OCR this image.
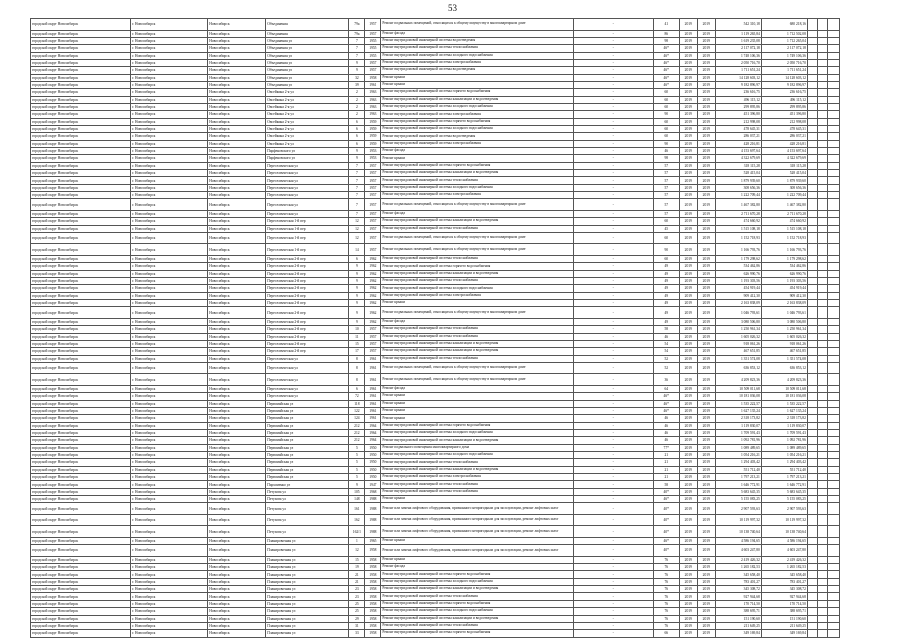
53
городской округ Новосибирск	г. Новосибирск	Новосибирск	Объединения	79а	1957	Ремонт подвальных помещений, относящихся к общему имуществу в многоквартирном доме	-	41	2019	2019	542 310,18	680 218,16			
городской округ Новосибирск	г. Новосибирск	Новосибирск	Объединения	79а	1957	Ремонт фасада	-	86	2019	2019	1 119 265,84	1 712 502,08			
городской округ Новосибирск	г. Новосибирск	Новосибирск	Объединения ул	7	1955	Ремонт внутридомовой инженерной системы водоотведения	-	98	2019	2019	1 619 235,08	1 712 265,04			
городской округ Новосибирск	г. Новосибирск	Новосибирск	Объединения ул	7	1955	Ремонт внутридомовой инженерной системы теплоснабжения	-	46*	2019	2019	2 117 072,18	2 117 072,18			
городской округ Новосибирск	г. Новосибирск	Новосибирск	Объединения ул	7	1955	Ремонт внутридомовой инженерной системы холодного водоснабжения	-	46*	2019	2019	1 748 106,36	1 749 106,36			
городской округ Новосибирск	г. Новосибирск	Новосибирск	Объединения ул	9	1957	Ремонт внутридомовой инженерной системы электроснабжения	-	46*	2019	2019	2 050 716,70	2 050 716,70			
городской округ Новосибирск	г. Новосибирск	Новосибирск	Объединения ул	9	1957	Ремонт внутридомовой инженерной системы водоотведения	-	46*	2019	2019	1 711 651,24	1 711 651,24			
городской округ Новосибирск	г. Новосибирск	Новосибирск	Объединения ул	32	1958	Ремонт крыши	-	46*	2019	2019	14 128 603,12	14 128 603,12			
городской округ Новосибирск	г. Новосибирск	Новосибирск	Объединения ул	39	1961	Ремонт крыши	-	46*	2019	2019	9 182 896,97	9 182 896,97			
городской округ Новосибирск	г. Новосибирск	Новосибирск	Овсейкина 2-я ул	2	1963	Ремонт внутридомовой инженерной системы горячего водоснабжения	-	60	2019	2019	236 616,75	236 616,75			
городской округ Новосибирск	г. Новосибирск	Новосибирск	Овсейкина 2-я ул	2	1963	Ремонт внутридомовой инженерной системы канализации и водоотведения	-	60	2019	2019	496 115,12	496 115,12			
городской округ Новосибирск	г. Новосибирск	Новосибирск	Овсейкина 2-я ул	2	1963	Ремонт внутридомовой инженерной системы холодного водоснабжения	-	60	2019	2019	299 895,86	299 895,86			
городской округ Новосибирск	г. Новосибирск	Новосибирск	Овсейкина 2-я ул	2	1963	Ремонт внутридомовой инженерной системы электроснабжения	-	90	2019	2019	451 396,80	451 396,80			
городской округ Новосибирск	г. Новосибирск	Новосибирск	Овсейкина 2-я ул	6	1959	Ремонт внутридомовой инженерной системы горячего водоснабжения	-	60	2019	2019	212 998,08	212 998,08			
городской округ Новосибирск	г. Новосибирск	Новосибирск	Овсейкина 2-я ул	6	1959	Ремонт внутридомовой инженерной системы холодного водоснабжения	-	60	2019	2019	478 645,31	478 645,31			
городской округ Новосибирск	г. Новосибирск	Новосибирск	Овсейкина 2-я ул	6	1959	Ремонт внутридомовой инженерной системы водоотведения	-	60	2019	2019	286 037,21	286 037,21			
городской округ Новосибирск	г. Новосибирск	Новосибирск	Овсейкина 2-я ул	6	1959	Ремонт внутридомовой инженерной системы электроснабжения	-	90	2019	2019	428 216,81	428 216,81			
городской округ Новосибирск	г. Новосибирск	Новосибирск	Парфеновского ул	9	1953	Ремонт фасада	-	46	2019	2019	4 153 697,64	4 153 697,64			
городской округ Новосибирск	г. Новосибирск	Новосибирск	Парфеновского ул	9	1953	Ремонт крыши	-	98	2019	2019	4 322 679,69	4 322 679,69			
городской округ Новосибирск	г. Новосибирск	Новосибирск	Переселенческая ул	7	1957	Ремонт внутридомовой инженерной системы горячего водоснабжения	-	57	2019	2019	318 115,28	318 115,28			
городской округ Новосибирск	г. Новосибирск	Новосибирск	Переселенческая ул	7	1957	Ремонт внутридомовой инженерной системы канализации и водоотведения	-	57	2019	2019	528 415,04	528 415,04			
городской округ Новосибирск	г. Новосибирск	Новосибирск	Переселенческая ул	7	1957	Ремонт внутридомовой инженерной системы теплоснабжения	-	57	2019	2019	1 879 939,60	1 879 939,60			
городской округ Новосибирск	г. Новосибирск	Новосибирск	Переселенческая ул	7	1957	Ремонт внутридомовой инженерной системы холодного водоснабжения	-	57	2019	2019	308 656,36	308 656,36			
городской округ Новосибирск	г. Новосибирск	Новосибирск	Переселенческая ул	7	1957	Ремонт внутридомовой инженерной системы электроснабжения	-	57	2019	2019	1 222 709,44	1 222 709,44			
городской округ Новосибирск	г. Новосибирск	Новосибирск	Переселенческая ул	7	1957	Ремонт подвальных помещений, относящихся к общему имуществу в многоквартирном доме	-	57	2019	2019	1 467 382,80	1 467 382,80			
городской округ Новосибирск	г. Новосибирск	Новосибирск	Переселенческая ул	7	1957	Ремонт фасада	-	57	2019	2019	2 711 670,28	2 711 670,28			
городской округ Новосибирск	г. Новосибирск	Новосибирск	Переселенческая 1-й пер	12	1957	Ремонт внутридомовой инженерной системы канализации и водоотведения	-	60	2019	2019	474 660,92	474 660,92			
городской округ Новосибирск	г. Новосибирск	Новосибирск	Переселенческая 1-й пер	12	1957	Ремонт внутридомовой инженерной системы теплоснабжения	-	45	2019	2019	1 515 108,18	1 515 108,18			
городской округ Новосибирск	г. Новосибирск	Новосибирск	Переселенческая 1-й пер	12	1957	Ремонт подвальных помещений, относящихся к общему имуществу в многоквартирном доме	-	60	2019	2019	1 152 718,93	1 152 718,93			
городской округ Новосибирск	г. Новосибирск	Новосибирск	Переселенческая 1-й пер	14	1957	Ремонт подвальных помещений, относящихся к общему имуществу в многоквартирном доме	-	90	2019	2019	1 166 793,76	1 166 793,76			
городской округ Новосибирск	г. Новосибирск	Новосибирск	Переселенческая 2-й пер	6	1962	Ремонт внутридомовой инженерной системы теплоснабжения	-	60	2019	2019	1 179 298,62	1 179 298,62			
городской округ Новосибирск	г. Новосибирск	Новосибирск	Переселенческая 2-й пер	9	1962	Ремонт внутридомовой инженерной системы горячего водоснабжения	-	49	2019	2019	534 462,86	534 462,86			
городской округ Новосибирск	г. Новосибирск	Новосибирск	Переселенческая 2-й пер	9	1962	Ремонт внутридомовой инженерной системы канализации и водоотведения	-	49	2019	2019	626 990,76	626 990,76			
городской округ Новосибирск	г. Новосибирск	Новосибирск	Переселенческая 2-й пер	9	1962	Ремонт внутридомовой инженерной системы теплоснабжения	-	49	2019	2019	1 193 303,56	1 193 303,56			
городской округ Новосибирск	г. Новосибирск	Новосибирск	Переселенческая 2-й пер	9	1962	Ремонт внутридомовой инженерной системы холодного водоснабжения	-	49	2019	2019	454 919,44	454 919,44			
городской округ Новосибирск	г. Новосибирск	Новосибирск	Переселенческая 2-й пер	9	1962	Ремонт внутридомовой инженерной системы электроснабжения	-	49	2019	2019	909 412,30	909 412,30			
городской округ Новосибирск	г. Новосибирск	Новосибирск	Переселенческая 2-й пер	9	1962	Ремонт крыши	-	49	2019	2019	2 163 838,09	2 163 838,09			
городской округ Новосибирск	г. Новосибирск	Новосибирск	Переселенческая 2-й пер	9	1962	Ремонт подвальных помещений, относящихся к общему имуществу в многоквартирном доме	-	49	2019	2019	1 046 793,61	1 046 793,61			
городской округ Новосибирск	г. Новосибирск	Новосибирск	Переселенческая 2-й пер	9	1962	Ремонт фасада	-	49	2019	2019	3 080 506,80	3 080 506,80			
городской округ Новосибирск	г. Новосибирск	Новосибирск	Переселенческая 2-й пер	10	1957	Ремонт внутридомовой инженерной системы теплоснабжения	-	58	2019	2019	1 250 961,34	1 250 961,34			
городской округ Новосибирск	г. Новосибирск	Новосибирск	Переселенческая 2-й пер	11	1957	Ремонт внутридомовой инженерной системы теплоснабжения	-	46	2019	2019	1 605 026,32	1 605 026,32			
городской округ Новосибирск	г. Новосибирск	Новосибирск	Переселенческая 2-й пер	15	1957	Ремонт внутридомовой инженерной системы канализации и водоотведения	-	54	2019	2019	918 061,26	918 061,26			
городской округ Новосибирск	г. Новосибирск	Новосибирск	Переселенческая 2-й пер	17	1957	Ремонт внутридомовой инженерной системы канализации и водоотведения	-	54	2019	2019	467 651,85	467 651,85			
городской округ Новосибирск	г. Новосибирск	Новосибирск	Переселенческая ул	8	1961	Ремонт внутридомовой инженерной системы теплоснабжения	-	52	2019	2019	1 351 574,08	1 351 574,08			
городской округ Новосибирск	г. Новосибирск	Новосибирск	Переселенческая ул	8	1961	Ремонт подвальных помещений, относящихся к общему имуществу в многоквартирном доме	-	52	2019	2019	636 853,12	636 853,12			
городской округ Новосибирск	г. Новосибирск	Новосибирск	Переселенческая ул	8	1961	Ремонт подвальных помещений, относящихся к общему имуществу в многоквартирном доме	-	36	2019	2019	4 209 823,36	4 209 823,36			
городской округ Новосибирск	г. Новосибирск	Новосибирск	Переселенческая ул	6	1961	Ремонт фасада	-	64	2019	2019	10 509 011,68	10 509 011,68			
городской округ Новосибирск	г. Новосибирск	Новосибирск	Переселенческая ул	72	1961	Ремонт крыши	-	46*	2019	2019	10 181 036,08	10 181 036,08			
городской округ Новосибирск	г. Новосибирск	Новосибирск	Первомайская ул	118	1961	Ремонт крыши	-	46*	2019	2019	1 535 222,57	1 535 222,57			
городской округ Новосибирск	г. Новосибирск	Новосибирск	Первомайская ул	122	1961	Ремонт крыши	-	46*	2019	2019	1 627 135,24	1 627 135,24			
городской округ Новосибирск	г. Новосибирск	Новосибирск	Первомайская ул	124	1961	Ремонт крыши	-	46	2019	2019	2 318 173,82	2 318 173,82			
городской округ Новосибирск	г. Новосибирск	Новосибирск	Первомайская ул	212	1964	Ремонт внутридомовой инженерной системы горячего водоснабжения	-	46	2019	2019	1 119 830,07	1 119 830,07			
городской округ Новосибирск	г. Новосибирск	Новосибирск	Первомайская ул	212	1964	Ремонт внутридомовой инженерной системы холодного водоснабжения	-	46	2019	2019	1 709 591,43	1 709 591,43			
городской округ Новосибирск	г. Новосибирск	Новосибирск	Первомайская ул	212	1964	Ремонт внутридомовой инженерной системы канализации и водоотведения	-	46	2019	2019	1 092 781,96	1 092 781,96			
городской округ Новосибирск	г. Новосибирск	Новосибирск	Первомайская ул	5	1950	Ремонт подвального помещения многоквартирного дома	-	77*	2019	2019	1 089 489,65	1 089 489,65			
городской округ Новосибирск	г. Новосибирск	Новосибирск	Первомайская ул	5	1950	Ремонт внутридомовой инженерной системы холодного водоснабжения	-	21	2019	2019	1 054 216,21	1 054 216,21			
городской округ Новосибирск	г. Новосибирск	Новосибирск	Первомайская ул	5	1950	Ремонт внутридомовой инженерной системы теплоснабжения	-	21	2019	2019	1 294 403,42	1 294 403,42			
городской округ Новосибирск	г. Новосибирск	Новосибирск	Первомайская ул	5	1950	Ремонт внутридомовой инженерной системы канализации и водоотведения	-	21	2019	2019	551 712,40	551 712,40			
городской округ Новосибирск	г. Новосибирск	Новосибирск	Первомайская ул	5	1950	Ремонт внутридомовой инженерной системы электроснабжения	-	21	2019	2019	1 797 213,21	1 797 213,21			
городской округ Новосибирск	г. Новосибирск	Новосибирск	Пархоменко ул	9	1947	Ремонт внутридомовой инженерной системы теплоснабжения	-	58	2019	2019	1 646 772,91	1 646 772,91			
городской округ Новосибирск	г. Новосибирск	Новосибирск	Петухова ул	105	1968	Ремонт внутридомовой инженерной системы теплоснабжения	-	40*	2019	2019	5 683 645,35	5 683 645,35			
городской округ Новосибирск	г. Новосибирск	Новосибирск	Петухова ул	148	1988	Ремонт крыши	-	46*	2019	2019	5 155 083,25	5 155 083,25			
городской округ Новосибирск	г. Новосибирск	Новосибирск	Петухова ул	161	1988	Ремонт или замена лифтового оборудования, признанного непригодным для эксплуатации, ремонт лифтовых шахт	-	40*	2019	2019	2 907 593,63	2 907 593,63			
городской округ Новосибирск	г. Новосибирск	Новосибирск	Петухова ул	162	1988	Ремонт или замена лифтового оборудования, признанного непригодным для эксплуатации, ремонт лифтовых шахт	-	40*	2019	2019	10 119 997,32	10 119 997,32			
городской округ Новосибирск	г. Новосибирск	Новосибирск	Петухова ул	162/1	1988	Ремонт или замена лифтового оборудования, признанного непригодным для эксплуатации, ремонт лифтовых шахт	-	40*	2019	2019	10 138 740,64	10 138 740,64			
городской округ Новосибирск	г. Новосибирск	Новосибирск	Планировочная ул	1	1965	Ремонт крыши	-	46*	2019	2019	4 586 194,65	4 586 194,65			
городской округ Новосибирск	г. Новосибирск	Новосибирск	Планировочная ул	12	1958	Ремонт или замена лифтового оборудования, признанного непригодным для эксплуатации, ремонт лифтовых шахт	-	40*	2019	2019	4 603 247,80	4 603 247,80			
городской округ Новосибирск	г. Новосибирск	Новосибирск	Планировочная ул	15	1958	Ремонт крыши	-	76	2019	2019	2 419 426,32	2 419 426,32			
городской округ Новосибирск	г. Новосибирск	Новосибирск	Планировочная ул	19	1958	Ремонт фасада	-	76	2019	2019	1 265 182,53	1 265 182,53			
городской округ Новосибирск	г. Новосибирск	Новосибирск	Планировочная ул	21	1958	Ремонт внутридомовой инженерной системы горячего водоснабжения	-	76	2019	2019	345 658,40	345 658,40			
городской округ Новосибирск	г. Новосибирск	Новосибирск	Планировочная ул	21	1958	Ремонт внутридомовой инженерной системы холодного водоснабжения	-	76	2019	2019	783 401,27	783 401,27			
городской округ Новосибирск	г. Новосибирск	Новосибирск	Планировочная ул	23	1958	Ремонт внутридомовой инженерной системы канализации и водоотведения	-	76	2019	2019	345 308,72	345 308,72			
городской округ Новосибирск	г. Новосибирск	Новосибирск	Планировочная ул	23	1958	Ремонт внутридомовой инженерной системы теплоснабжения	-	76	2019	2019	927 944,68	927 944,68			
городской округ Новосибирск	г. Новосибирск	Новосибирск	Планировочная ул	25	1958	Ремонт внутридомовой инженерной системы горячего водоснабжения	-	76	2019	2019	170 714,50	170 714,50			
городской округ Новосибирск	г. Новосибирск	Новосибирск	Планировочная ул	25	1958	Ремонт внутридомовой инженерной системы холодного водоснабжения	-	76	2019	2019	388 695,71	388 695,71			
городской округ Новосибирск	г. Новосибирск	Новосибирск	Планировочная ул	29	1958	Ремонт внутридомовой инженерной системы канализации и водоотведения	-	76	2019	2019	151 190,60	151 190,60			
городской округ Новосибирск	г. Новосибирск	Новосибирск	Планировочная ул	31	1958	Ремонт внутридомовой инженерной системы теплоснабжения	-	76	2019	2019	211 649,25	211 649,25			
городской округ Новосибирск	г. Новосибирск	Новосибирск	Планировочная ул	33	1958	Ремонт внутридомовой инженерной системы горячего водоснабжения	-	66	2019	2019	349 169,84	349 169,84			
